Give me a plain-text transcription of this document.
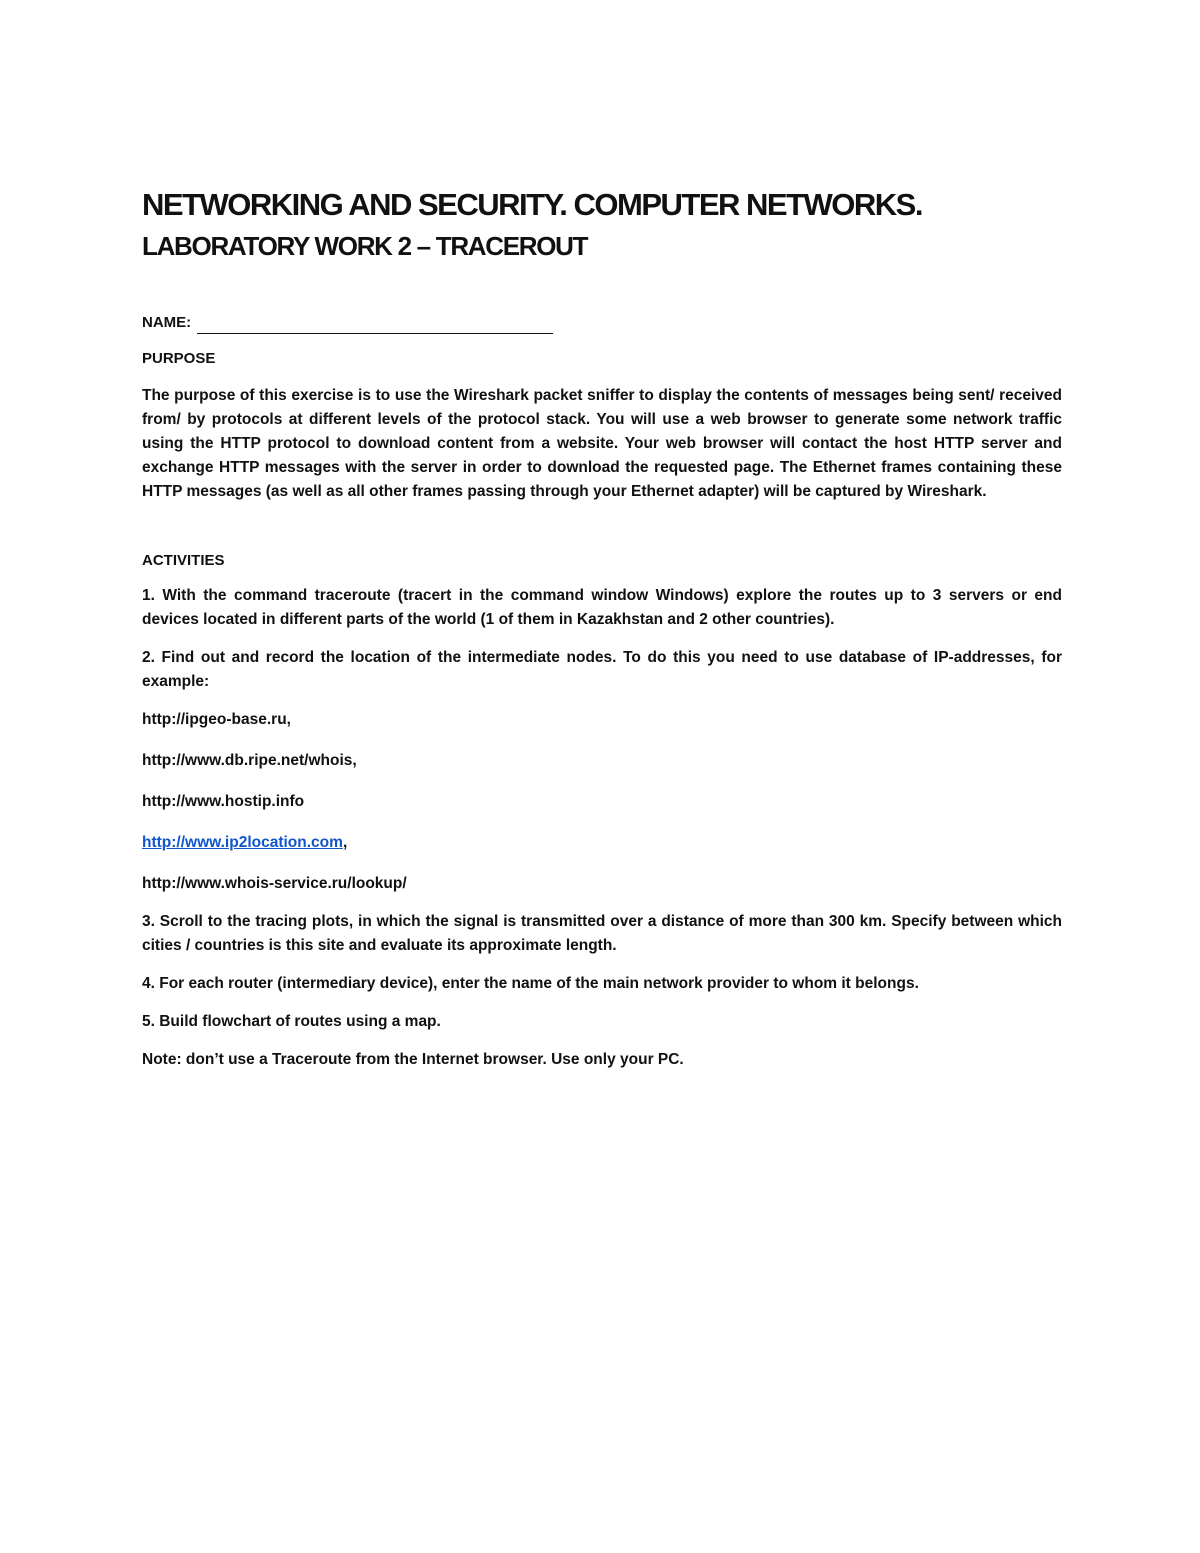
NETWORKING AND SECURITY. COMPUTER NETWORKS.
LABORATORY WORK 2 – TRACEROUT
NAME:

PURPOSE

The purpose of this exercise is to use the Wireshark packet sniffer to display the contents of messages being sent/ received from/ by protocols at different levels of the protocol stack. You will use a web browser to generate some network traffic using the HTTP protocol to download content from a website. Your web browser will contact the host HTTP server and exchange HTTP messages with the server in order to download the requested page. The Ethernet frames containing these HTTP messages (as well as all other frames passing through your Ethernet adapter) will be captured by Wireshark.

ACTIVITIES

1. With the command traceroute (tracert in the command window Windows) explore the routes up to 3 servers or end devices located in different parts of the world (1 of them in Kazakhstan and 2 other countries).

2. Find out and record the location of the intermediate nodes. To do this you need to use database of IP-addresses, for example:

http://ipgeo-base.ru,

http://www.db.ripe.net/whois,

http://www.hostip.info

http://www.ip2location.com,

http://www.whois-service.ru/lookup/

3. Scroll to the tracing plots, in which the signal is transmitted over a distance of more than 300 km. Specify between which cities / countries is this site and evaluate its approximate length.

4. For each router (intermediary device), enter the name of the main network provider to whom it belongs.

5. Build flowchart of routes using a map.

Note: don’t use a Traceroute from the Internet browser. Use only your PC.
